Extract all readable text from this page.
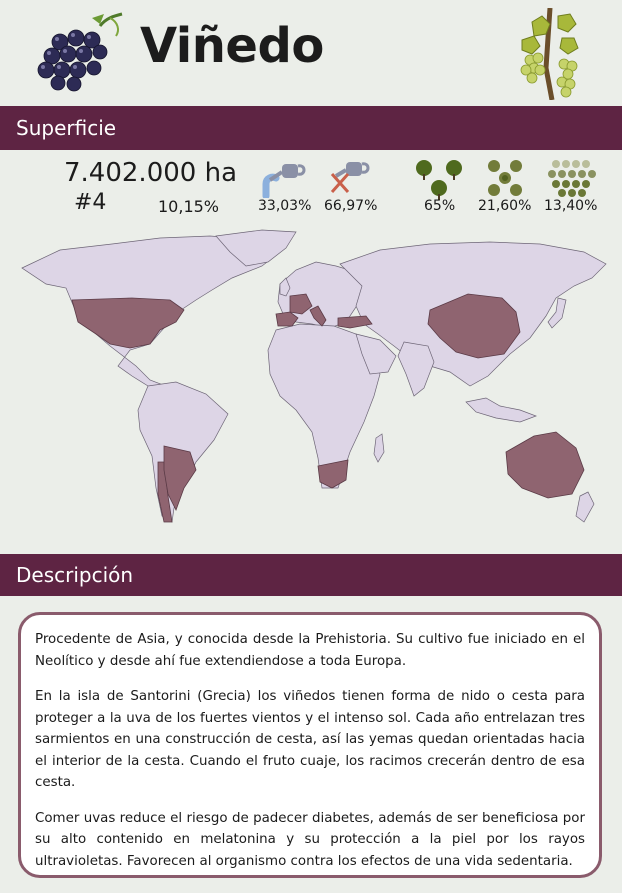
Viñedo
Superficie
7.402.000 ha
#4	10,15%	33,03% 66,97%	65% 21,60% 13,40%
Descripción

Procedente de Asia, y conocida desde la Prehistoria. Su cultivo fue iniciado en el Neolítico y desde ahí fue extendiendose a toda Europa.

En la isla de Santorini (Grecia) los viñedos tienen forma de nido o cesta para proteger a la uva de los fuertes vientos y el intenso sol. Cada año entrelazan tres sarmientos en una construcción de cesta, así las yemas quedan orientadas hacia el interior de la cesta. Cuando el fruto cuaje, los racimos crecerán dentro de esa cesta.

Comer uvas reduce el riesgo de padecer diabetes, además de ser beneficiosa por su alto contenido en melatonina y su protección a la piel por los rayos ultravioletas. Favorecen al organismo contra los efectos de una vida sedentaria.
